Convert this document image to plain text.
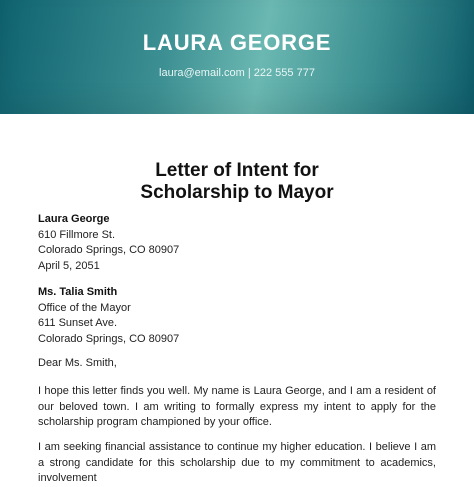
LAURA GEORGE
laura@email.com | 222 555 777
Letter of Intent for
Scholarship to Mayor
Laura George
610 Fillmore St.
Colorado Springs, CO 80907
April 5, 2051
Ms. Talia Smith
Office of the Mayor
611 Sunset Ave.
Colorado Springs, CO 80907
Dear Ms. Smith,
I hope this letter finds you well. My name is Laura George, and I am a resident of our beloved town. I am writing to formally express my intent to apply for the scholarship program championed by your office.
I am seeking financial assistance to continue my higher education. I believe I am a strong candidate for this scholarship due to my commitment to academics, involvement
